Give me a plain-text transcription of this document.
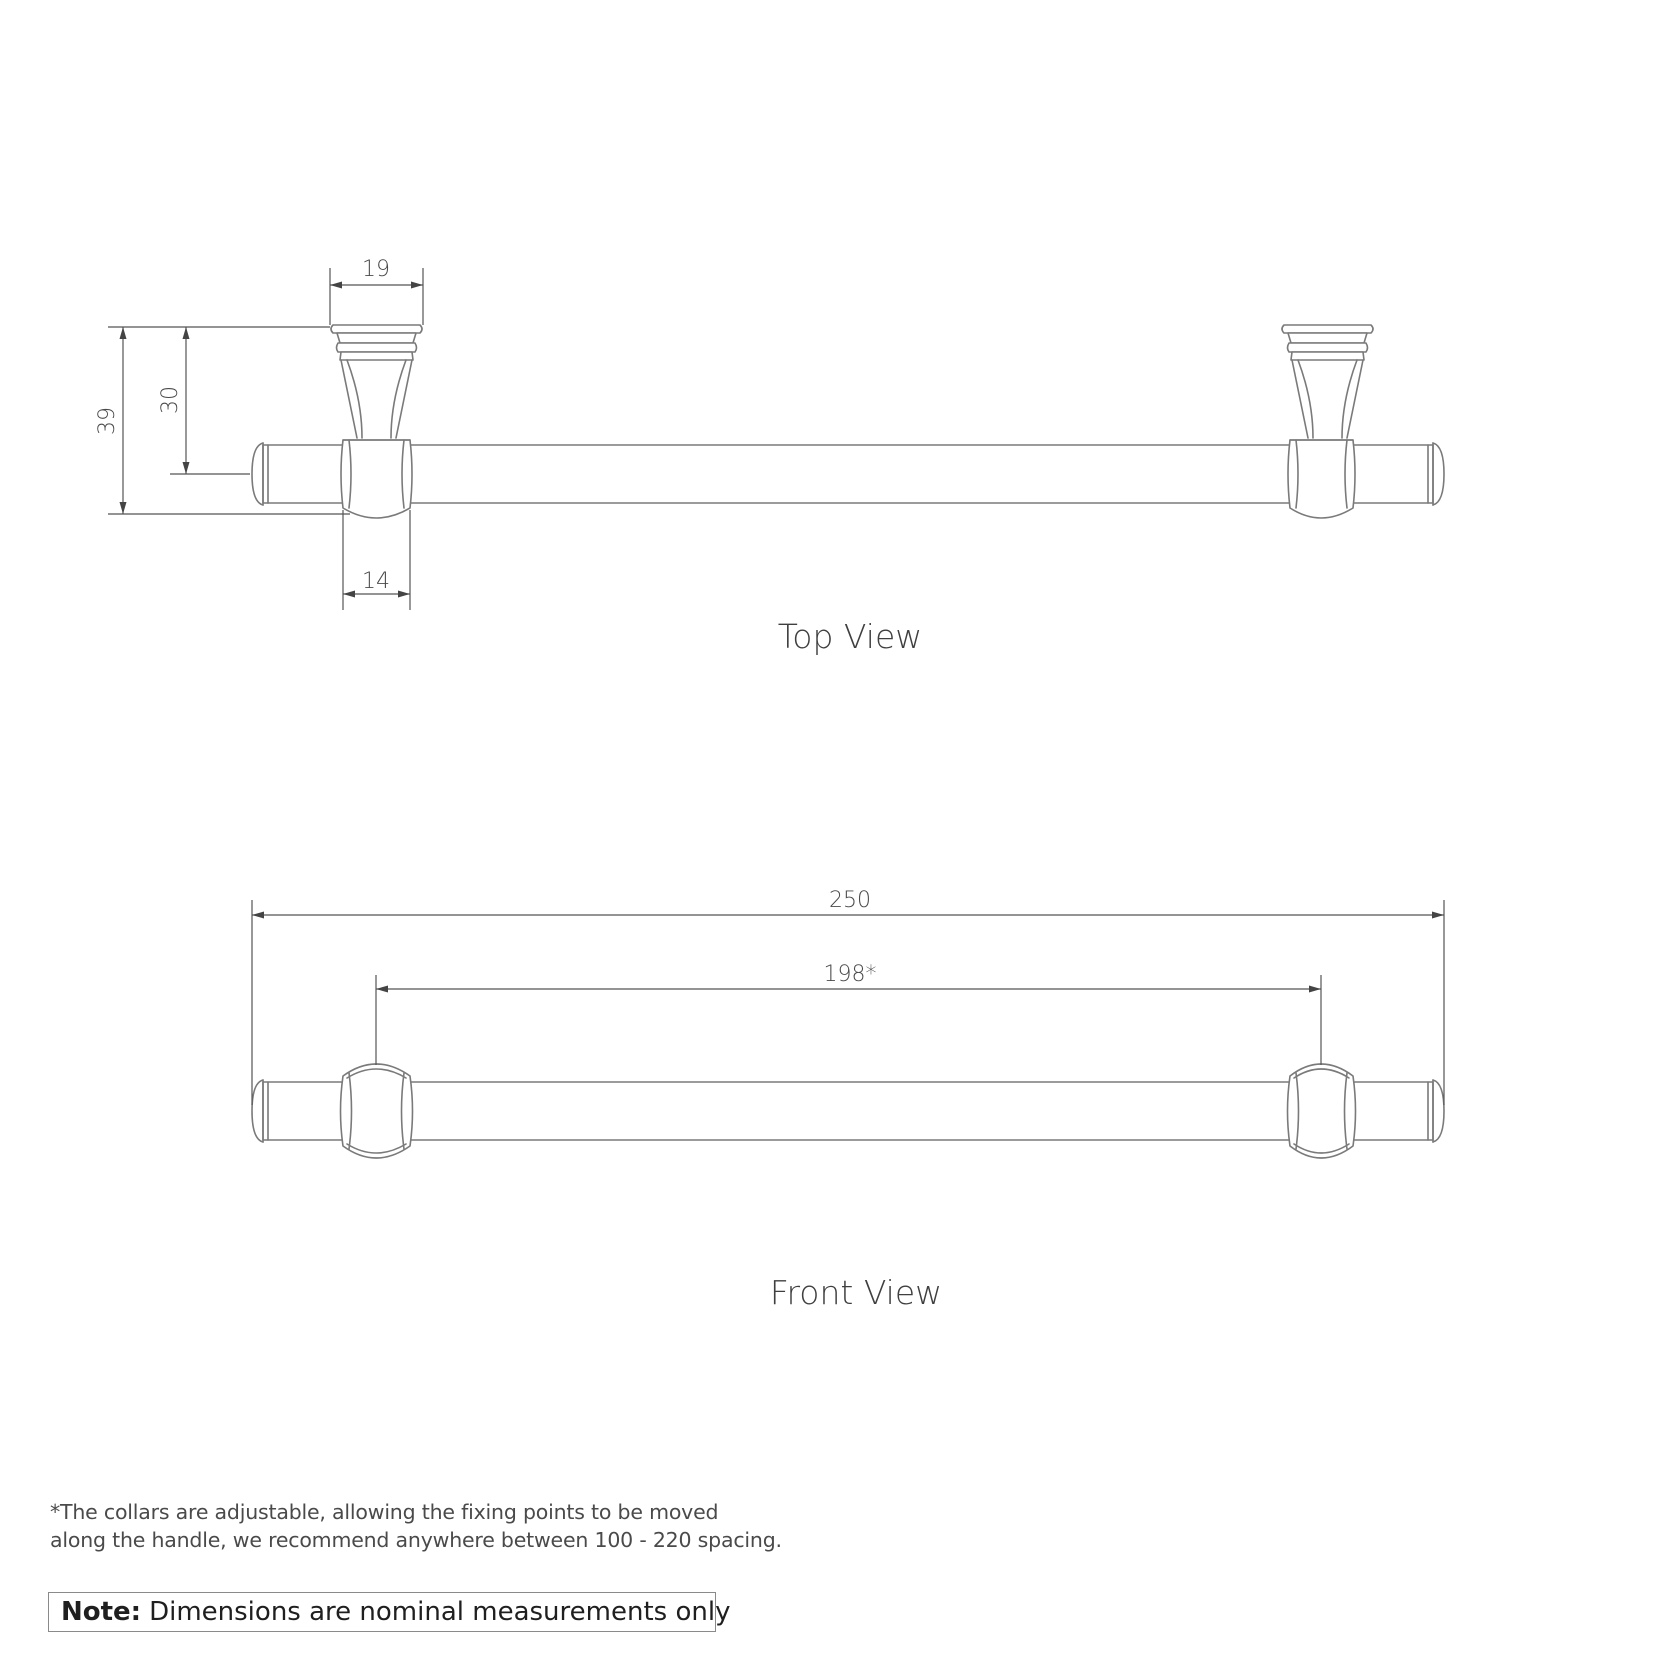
19
39
30
14
Top View
250
198*
Front View
*The collars are adjustable, allowing the fixing points to be moved
along the handle, we recommend anywhere between 100 - 220 spacing.
Note: Dimensions are nominal measurements only
